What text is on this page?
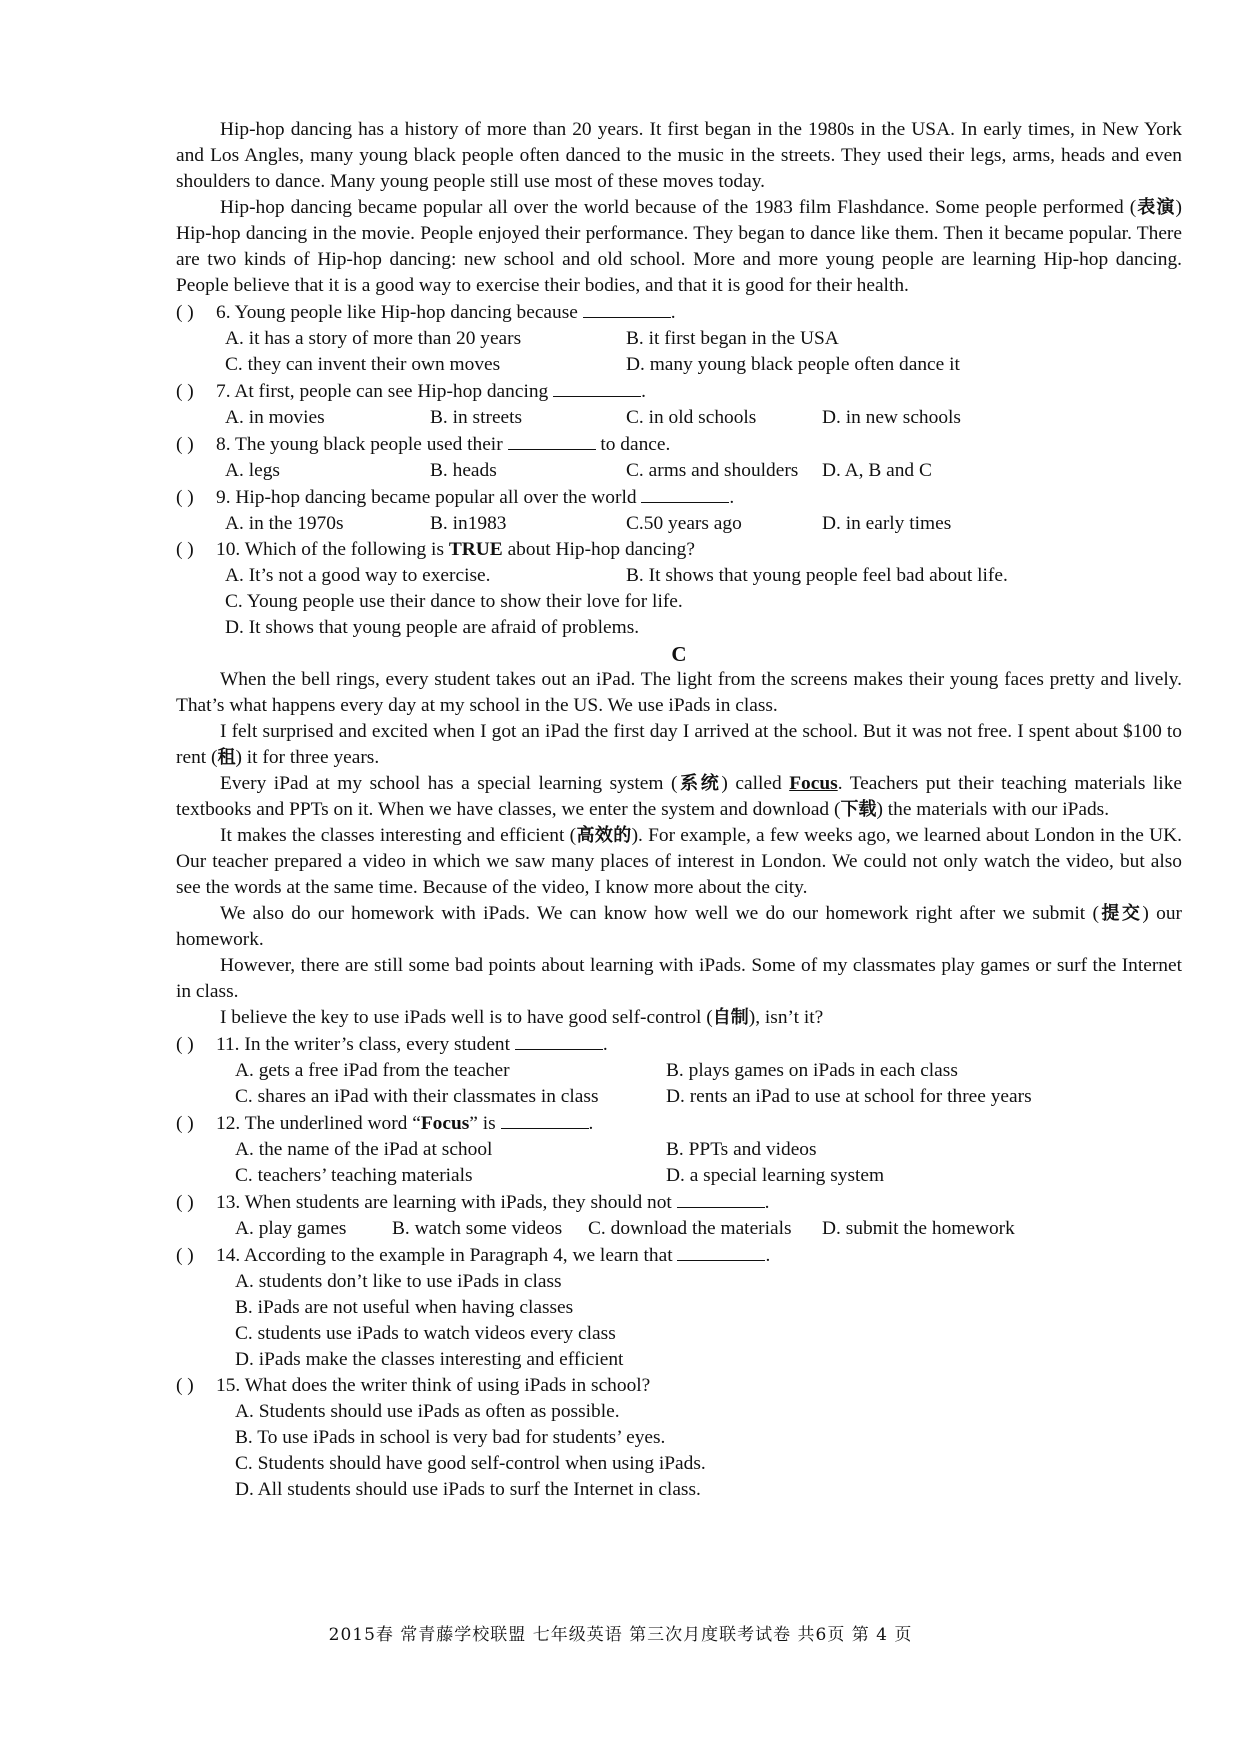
Hip-hop dancing has a history of more than 20 years. It first began in the 1980s in the USA. In early times, in New York and Los Angles, many young black people often danced to the music in the streets. They used their legs, arms, heads and even shoulders to dance. Many young people still use most of these moves today.

Hip-hop dancing became popular all over the world because of the 1983 film Flashdance. Some people performed (表演) Hip-hop dancing in the movie. People enjoyed their performance. They began to dance like them. Then it became popular. There are two kinds of Hip-hop dancing: new school and old school. More and more young people are learning Hip-hop dancing. People believe that it is a good way to exercise their bodies, and that it is good for their health.

( ) 6. Young people like Hip-hop dancing because	.
A. it has a story of more than 20 years	B. it first began in the USA
C. they can invent their own moves	D. many young black people often dance it
( ) 7. At first, people can see Hip-hop dancing	.
A. in movies	B. in streets	C. in old schools	D. in new schools
( ) 8. The young black people used their	to dance.
A. legs	B. heads	C. arms and shoulders D. A, B and C
( ) 9. Hip-hop dancing became popular all over the world	.
A. in the 1970s	B. in1983	C.50 years ago	D. in early times
( ) 10. Which of the following is TRUE about Hip-hop dancing?
A. It’s not a good way to exercise.	B. It shows that young people feel bad about life.
C. Young people use their dance to show their love for life.
D. It shows that young people are afraid of problems.
C

When the bell rings, every student takes out an iPad. The light from the screens makes their young faces pretty and lively. That’s what happens every day at my school in the US. We use iPads in class.

I felt surprised and excited when I got an iPad the first day I arrived at the school. But it was not free. I spent about $100 to rent (租) it for three years.

Every iPad at my school has a special learning system (系统) called Focus. Teachers put their teaching materials like textbooks and PPTs on it. When we have classes, we enter the system and download (下载) the materials with our iPads.

It makes the classes interesting and efficient (高效的). For example, a few weeks ago, we learned about London in the UK. Our teacher prepared a video in which we saw many places of interest in London. We could not only watch the video, but also see the words at the same time. Because of the video, I know more about the city.

We also do our homework with iPads. We can know how well we do our homework right after we submit (提交) our homework.

However, there are still some bad points about learning with iPads. Some of my classmates play games or surf the Internet in class.

I believe the key to use iPads well is to have good self-control (自制), isn’t it?

( ) 11. In the writer’s class, every student	.
A. gets a free iPad from the teacher	B. plays games on iPads in each class
C. shares an iPad with their classmates in class	D. rents an iPad to use at school for three years
( ) 12. The underlined word “Focus” is	.
A. the name of the iPad at school	B. PPTs and videos
C. teachers’ teaching materials	D. a special learning system
( ) 13. When students are learning with iPads, they should not	.
A. play games B. watch some videos C. download the materials D. submit the homework
( ) 14. According to the example in Paragraph 4, we learn that	.
A. students don’t like to use iPads in class
B. iPads are not useful when having classes
C. students use iPads to watch videos every class
D. iPads make the classes interesting and efficient
( ) 15. What does the writer think of using iPads in school?
A. Students should use iPads as often as possible.
B. To use iPads in school is very bad for students’ eyes.
C. Students should have good self-control when using iPads.
D. All students should use iPads to surf the Internet in class.
2015春 常青藤学校联盟 七年级英语 第三次月度联考试卷 共6页 第 4 页
